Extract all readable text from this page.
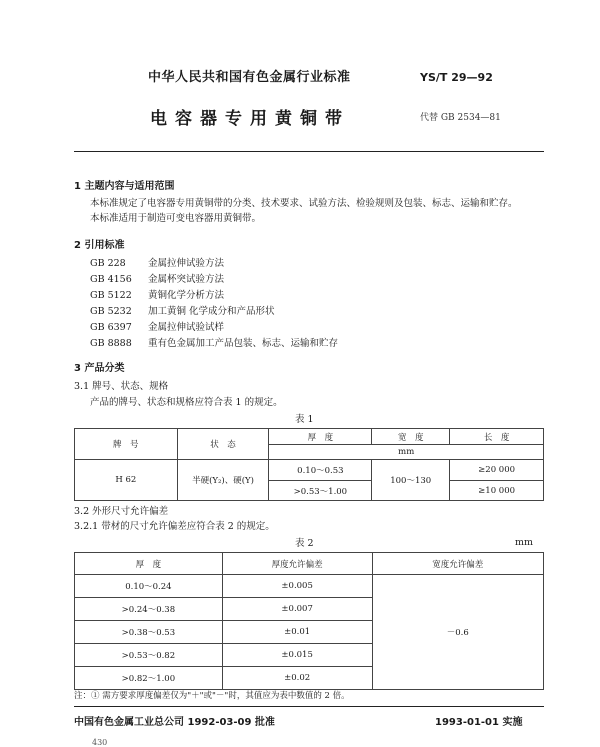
中华人民共和国有色金属行业标准	YS/T 29—92
电容器专用黄铜带	代替 GB 2534—81
1 主题内容与适用范围
本标准规定了电容器专用黄铜带的分类、技术要求、试验方法、检验规则及包装、标志、运输和贮存。
本标准适用于制造可变电容器用黄铜带。
2 引用标准
GB 228 金属拉伸试验方法
GB 4156 金属杯突试验方法
GB 5122 黄铜化学分析方法
GB 5232 加工黄铜 化学成分和产品形状
GB 6397 金属拉伸试验试样
GB 8888 重有色金属加工产品包装、标志、运输和贮存
3 产品分类
3.1 牌号、状态、规格
产品的牌号、状态和规格应符合表 1 的规定。
表 1
牌　号	状　态	厚　度	宽　度	长　度
		mm		
H 62	半硬(Y₂)、硬(Y)	0.10～0.53	100～130	≥20 000
		>0.53～1.00		≥10 000
3.2 外形尺寸允许偏差
3.2.1 带材的尺寸允许偏差应符合表 2 的规定。
表 2	mm
厚　度	厚度允许偏差	宽度允许偏差
0.10～0.24	±0.005	－0.6
>0.24～0.38	±0.007	
>0.38～0.53	±0.01	
>0.53～0.82	±0.015	
>0.82～1.00	±0.02	
注：① 需方要求厚度偏差仅为"＋"或"－"时，其值应为表中数值的 2 倍。
中国有色金属工业总公司 1992-03-09 批准	1993-01-01 实施
430
